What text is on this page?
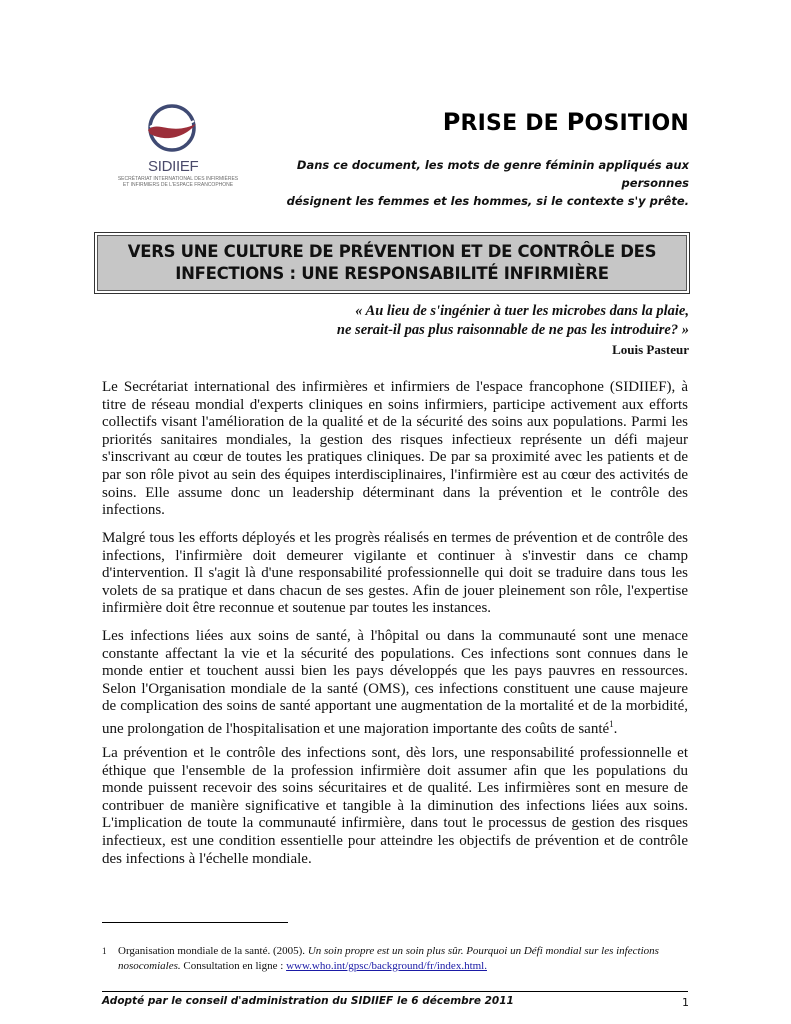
SIDIIEF
SECRÉTARIAT INTERNATIONAL DES INFIRMIÈRES
ET INFIRMIERS DE L'ESPACE FRANCOPHONE
PRISE DE POSITION
Dans ce document, les mots de genre féminin appliqués aux personnes
désignent les femmes et les hommes, si le contexte s'y prête.
VERS UNE CULTURE DE PRÉVENTION ET DE CONTRÔLE DES
INFECTIONS : UNE RESPONSABILITÉ INFIRMIÈRE
« Au lieu de s'ingénier à tuer les microbes dans la plaie,
ne serait-il pas plus raisonnable de ne pas les introduire? »
Louis Pasteur
Le Secrétariat international des infirmières et infirmiers de l'espace francophone (SIDIIEF), à titre de réseau mondial d'experts cliniques en soins infirmiers, participe activement aux efforts collectifs visant l'amélioration de la qualité et de la sécurité des soins aux populations. Parmi les priorités sanitaires mondiales, la gestion des risques infectieux représente un défi majeur s'inscrivant au cœur de toutes les pratiques cliniques. De par sa proximité avec les patients et de par son rôle pivot au sein des équipes interdisciplinaires, l'infirmière est au cœur des activités de soins. Elle assume donc un leadership déterminant dans la prévention et le contrôle des infections.
Malgré tous les efforts déployés et les progrès réalisés en termes de prévention et de contrôle des infections, l'infirmière doit demeurer vigilante et continuer à s'investir dans ce champ d'intervention. Il s'agit là d'une responsabilité professionnelle qui doit se traduire dans tous les volets de sa pratique et dans chacun de ses gestes. Afin de jouer pleinement son rôle, l'expertise infirmière doit être reconnue et soutenue par toutes les instances.
Les infections liées aux soins de santé, à l'hôpital ou dans la communauté sont une menace constante affectant la vie et la sécurité des populations. Ces infections sont connues dans le monde entier et touchent aussi bien les pays développés que les pays pauvres en ressources. Selon l'Organisation mondiale de la santé (OMS), ces infections constituent une cause majeure de complication des soins de santé apportant une augmentation de la mortalité et de la morbidité, une prolongation de l'hospitalisation et une majoration importante des coûts de santé$^1$.
La prévention et le contrôle des infections sont, dès lors, une responsabilité professionnelle et éthique que l'ensemble de la profession infirmière doit assumer afin que les populations du monde puissent recevoir des soins sécuritaires et de qualité. Les infirmières sont en mesure de contribuer de manière significative et tangible à la diminution des infections liées aux soins. L'implication de toute la communauté infirmière, dans tout le processus de gestion des risques infectieux, est une condition essentielle pour atteindre les objectifs de prévention et de contrôle des infections à l'échelle mondiale.
1 Organisation mondiale de la santé. (2005). Un soin propre est un soin plus sûr. Pourquoi un Défi mondial sur les infections nosocomiales. Consultation en ligne : www.who.int/gpsc/background/fr/index.html.
Adopté par le conseil d'administration du SIDIIEF le 6 décembre 2011	1
